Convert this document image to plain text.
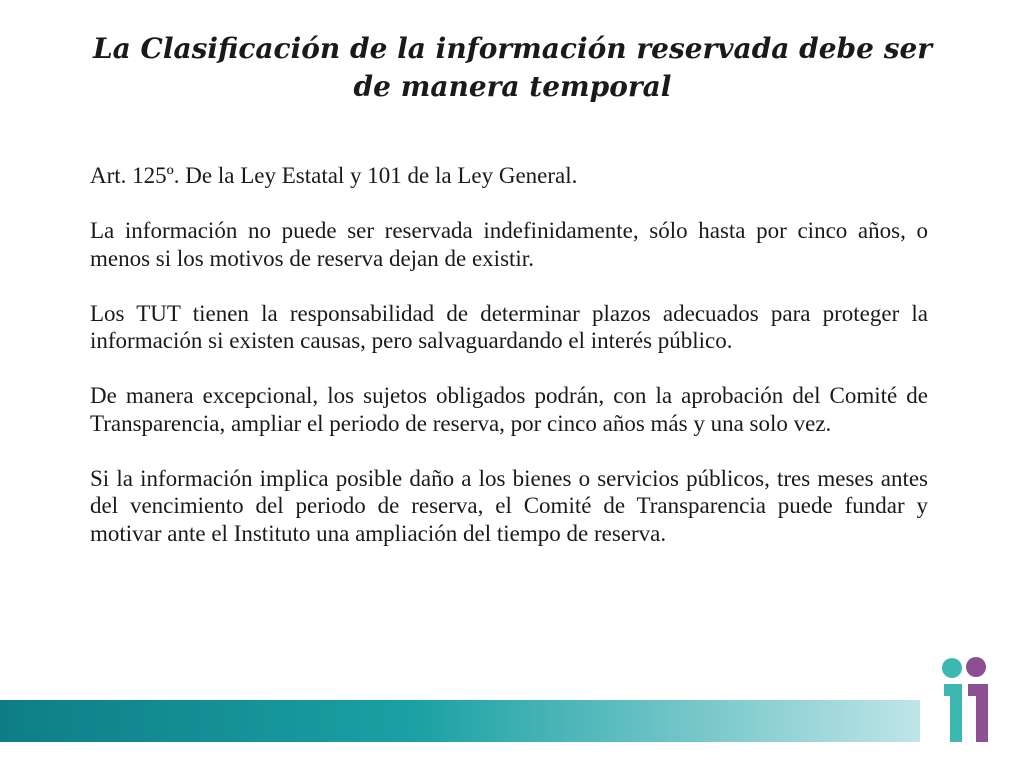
La Clasificación de la información reservada debe ser de manera temporal

Art. 125º. De la Ley Estatal y 101 de la Ley General.

La información no puede ser reservada indefinidamente, sólo hasta por cinco años, o menos si los motivos de reserva dejan de existir.

Los TUT tienen la responsabilidad de determinar plazos adecuados para proteger la información si existen causas, pero salvaguardando el interés público.

De manera excepcional, los sujetos obligados podrán, con la aprobación del Comité de Transparencia, ampliar el periodo de reserva, por cinco años más y una solo vez.

Si la información implica posible daño a los bienes o servicios públicos, tres meses antes del vencimiento del periodo de reserva, el Comité de Transparencia puede fundar y motivar ante el Instituto una ampliación del tiempo de reserva.
